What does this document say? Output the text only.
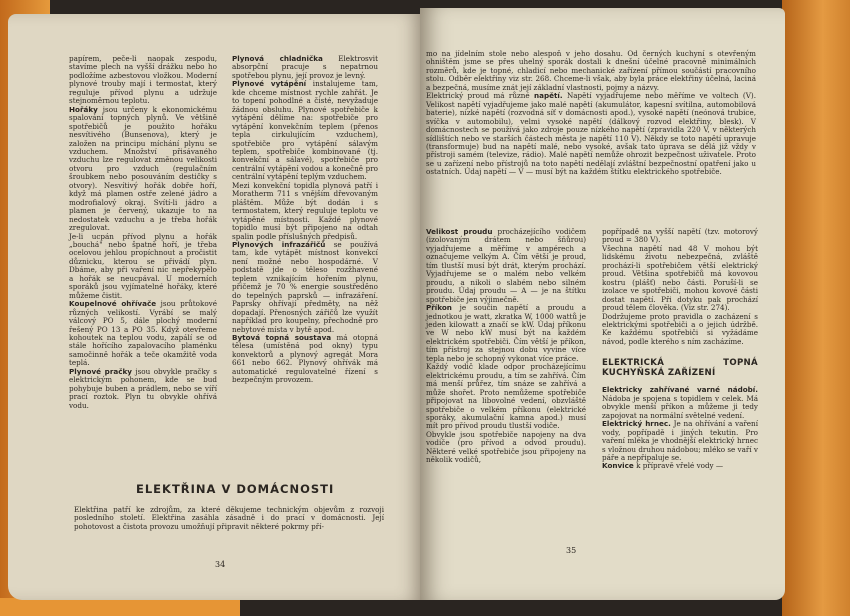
papírem, peče-li naopak zespodu, stavíme plech na vyšší drážku nebo ho podložíme azbestovou vložkou. Moderní plynové trouby mají i termostat, který reguluje přívod plynu a udržuje stejnoměrnou teplotu.

Hořáky jsou určeny k ekonomickému spalování topných plynů. Ve většině spotřebičů je použito hořáku nesvítivého (Bunsenova), který je založen na principu míchání plynu se vzduchem. Množství přisávaného vzduchu lze regulovat změnou velikosti otvoru pro vzduch (regulačním šroubkem nebo posouváním destičky s otvory). Nesvítivý hořák dobře hoří, když má plamen ostře zelené jádro a modrofialový okraj. Svítí-li jádro a plamen je červený, ukazuje to na nedostatek vzduchu a je třeba hořák zregulovat.

Je-li ucpán přívod plynu a hořák „bouchá" nebo špatně hoří, je třeba ocelovou jehlou propíchnout a pročistit důznicku, kterou se přivádí plyn. Dbáme, aby při vaření nic nepřekypělo a hořák se neucpával. U moderních sporáků jsou vyjímatelné hořáky, které můžeme čistit.

Koupelnové ohřívače jsou průtokové různých velikostí. Vyrábí se malý válcový PO 5, dále plochý moderní řešený PO 13 a PO 35. Když otevřeme kohoutek na teplou vodu, zapálí se od stále hořícího zapalovacího plaménku samočinně hořák a teče okamžitě voda teplá.

Plynové pračky jsou obvykle pračky s elektrickým pohonem, kde se bud pohybuje buben a prádlem, nebo se víří prací roztok. Plyn tu obvykle ohřívá vodu.

Plynová chladnička Elektrosvit absorpční pracuje s nepatrnou spotřebou plynu, její provoz je levný.

Plynové vytápění instalujeme tam, kde chceme místnost rychle zahřát. Je to topení pohodlné a čisté, nevyžaduje žádnou obsluhu. Plynové spotřebiče k vytápění dělíme na: spotřebiče pro vytápění konvekčním teplem (přenos tepla cirkulujícím vzduchem), spotřebiče pro vytápění sálavým teplem, spotřebiče kombinované (tj. konvekční a sálavé), spotřebiče pro centrální vytápění vodou a konečně pro centrální vytápění teplým vzduchem.

Mezi konvekční topidla plynová patří i Moratherm 711 s vnějším dřevovaným pláštěm. Může být dodán i s termostatem, který reguluje teplotu ve vytápěné místnosti. Každé plynové topidlo musí být připojeno na odtah spalin podle příslušných předpisů.

Plynových infrazářičů se používá tam, kde vytápět místnost konvekcí není možné nebo hospodárné. V podstatě jde o těleso rozžhavené teplem vznikajícím hořením plynu, přičemž je 70 % energie soustředěno do tepelných paprsků — infrazáření. Paprsky ohřívají předměty, na něž dopadají. Přenosných zářičů lze využít například pro koupelny, přechodně pro nebytové místa v bytě apod.

Bytová topná soustava má otopná tělesa (umístěná pod okny) typu konvektorů a plynový agregát Mora 661 nebo 662. Plynový ohřívák má automatické regulovatelné řízení s bezpečným provozem.

ELEKTŘINA V DOMÁCNOSTI
Elektřina patří ke zdrojům, za které děkujeme technickým objevům z rozvoji posledního století. Elektřina zasáhla zásadně i do prací v domácnosti. Její pohotovost a čistota provozu umožňují připravit některé pokrmy pří-
34

mo na jídelním stole nebo alespoň v jeho dosahu. Od černých kuchyní s otevřeným ohništěm jsme se přes uhelný sporák dostali k dnešní účelné pracovně minimálních rozměrů, kde je topné, chladicí nebo mechanické zařízení přímou součástí pracovního stolu. Odběr elektřiny viz str. 268. Chceme-li však, aby byla práce elektřiny účelná, laciná a bezpečná, musíme znát její základní vlastnosti, pojmy a názvy.

Elektrický proud má různé napětí. Napětí vyjadřujeme nebo měříme ve voltech (V). Velikost napětí vyjadřujeme jako malé napětí (akumulátor, kapesní svítilna, automobilová baterie), nízké napětí (rozvodná síť v domácnosti apod.), vysoké napětí (neónová trubice, svíčka v automobilu), velmi vysoké napětí (dálkový rozvod elektřiny, blesk). V domácnostech se používá jako zdroje pouze nízkého napětí (zpravidla 220 V, v některých sídlištích nebo ve starších částech města je napětí 110 V). Někdy se toto napětí upravuje (transformuje) bud na napětí malé, nebo vysoké, avšak tato úprava se dělá již vždy v přístroji samém (televize, rádio). Malé napětí nemůže ohrozit bezpečnost uživatele. Proto se u zařízení nebo přístrojů na toto napětí nedělají zvláštní bezpečnostní opatření jako u ostatních. Údaj napětí — V — musí být na každém štítku elektrického spotřebiče.

Velikost proudu procházejícího vodičem (izolovaným drátem nebo šňůrou) vyjadřujeme a měříme v ampérech a označujeme velkým A. Čím větší je proud, tím tlustší musí být drát, kterým prochází. Vyjadřujeme se o malém nebo velkém proudu, a nikoli o slabém nebo silném proudu. Údaj proudu — A — je na štítku spotřebiče jen výjimečně.

Příkon je součin napětí a proudu a jednotkou je watt, zkratka W, 1000 wattů je jeden kilowatt a značí se kW. Údaj příkonu ve W nebo kW musí být na každém elektrickém spotřebiči. Čím větší je příkon, tím přístroj za stejnou dobu vyvine více tepla nebo je schopný vykonat více práce.

Každý vodič klade odpor procházejícímu elektrickému proudu, a tím se zahřívá. Čím má menší průřez, tím snáze se zahřívá a může shořet. Proto nemůžeme spotřebiče připojovat na libovolné vedení, obzvláště spotřebiče o velkém příkonu (elektrické sporáky, akumulační kamna apod.) musí mít pro přívod proudu tlustší vodiče.

Obvykle jsou spotřebiče napojeny na dva vodiče (pro přívod a odvod proudu). Některé velké spotřebiče jsou připojeny na několik vodičů,

popřípadě na vyšší napětí (tzv. motorový proud = 380 V).

Všechna napětí nad 48 V mohou být lidskému životu nebezpečná, zvláště prochází-li spotřebičem větší elektrický proud. Většina spotřebičů má kovovou kostru (plášť) nebo části. Poruší-li se izolace ve spotřebiči, mohou kovové části dostat napětí. Při dotyku pak prochází proud tělem člověka. (Viz str. 274).

Dodržujeme proto pravidla o zacházení s elektrickými spotřebiči a o jejich údržbě. Ke každému spotřebiči si vyžádáme návod, podle kterého s ním zacházíme.

ELEKTRICKÁ TOPNÁ KUCHYŇSKÁ ZAŘÍZENÍ

Elektricky zahřívané varné nádobí. Nádoba je spojena s topidlem v celek. Má obvykle menší příkon a můžeme ji tedy zapojovat na normální světelné vedení.

Elektrický hrnec. Je na ohřívání a vaření vody, popřípadě i jiných tekutin. Pro vaření mléka je vhodnější elektrický hrnec s vložnou druhou nádobou; mléko se vaří v páře a nepřipaluje se.

Konvice k přípravě vřelé vody —

35
